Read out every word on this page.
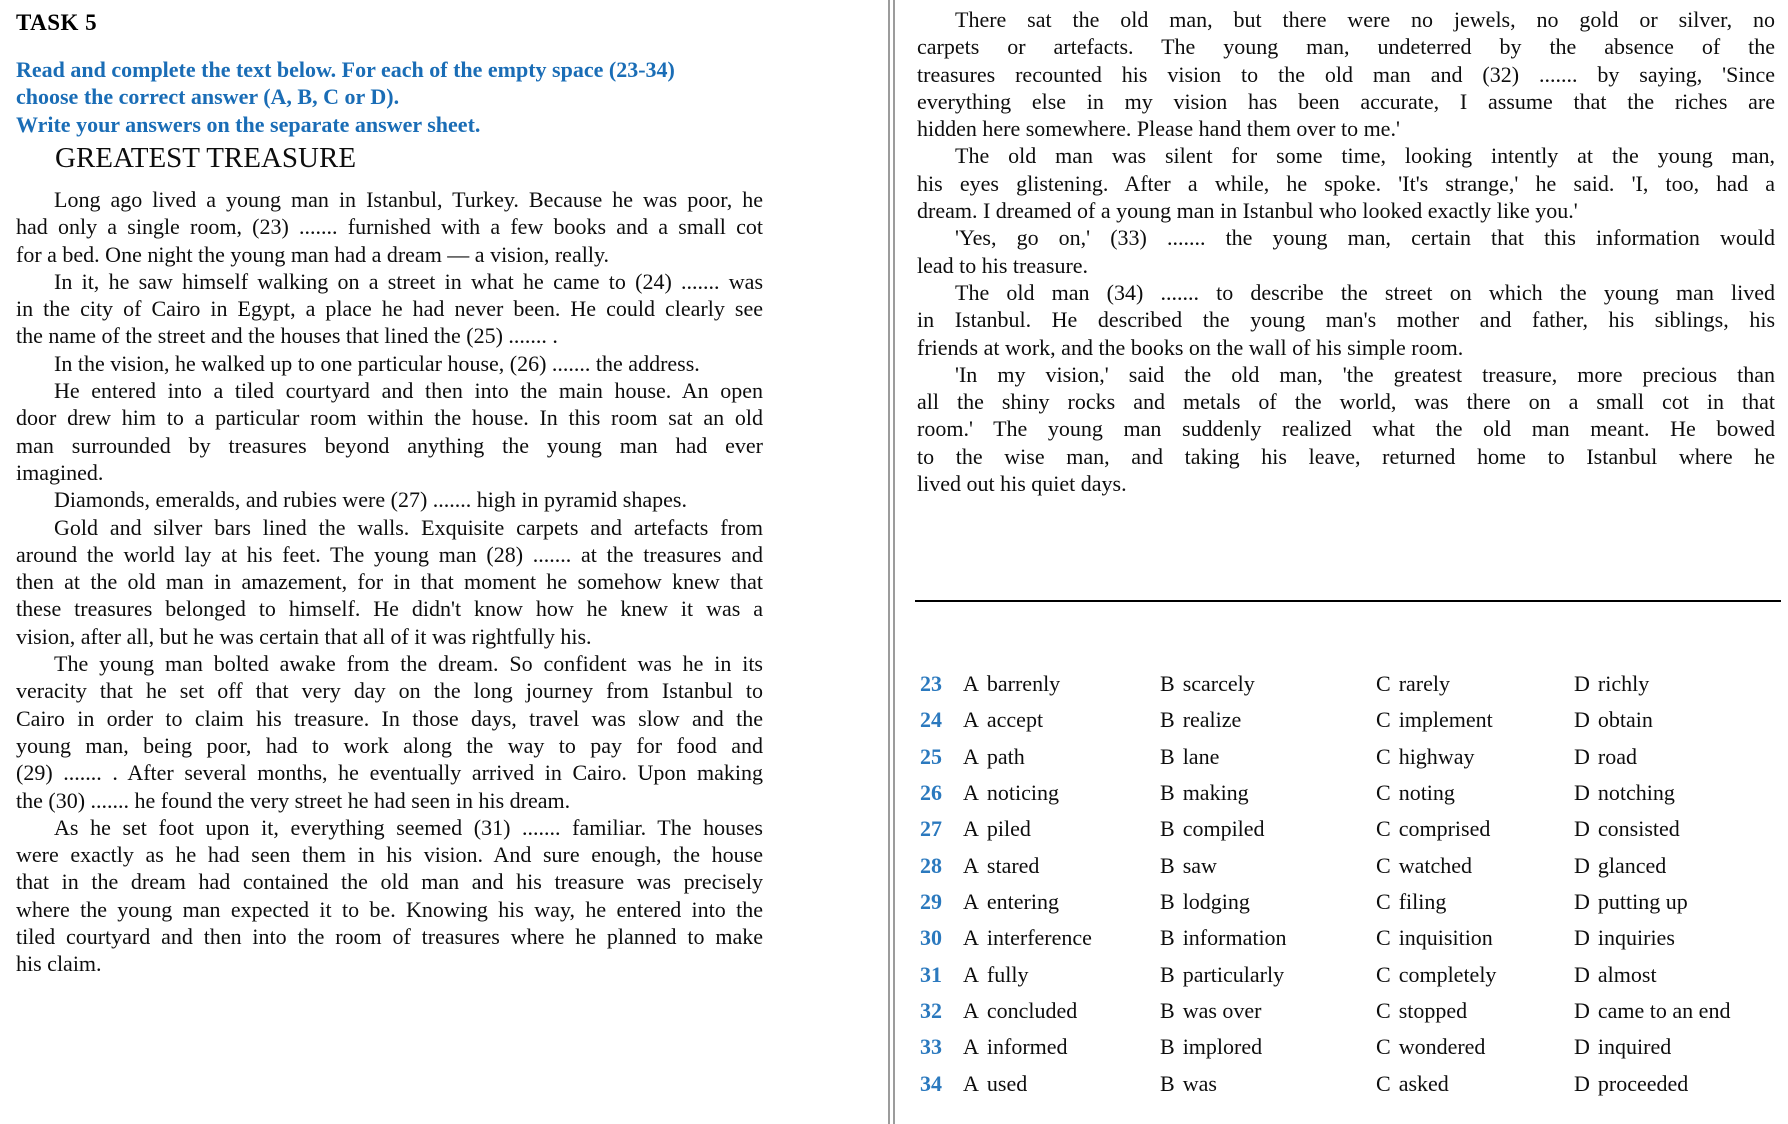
TASK 5
Read and complete the text below. For each of the empty space (23-34)
choose the correct answer (A, B, C or D).
Write your answers on the separate answer sheet.
GREATEST TREASURE
Long ago lived a young man in Istanbul, Turkey. Because he was poor, he
had only a single room, (23) ....... furnished with a few books and a small cot
for a bed. One night the young man had a dream — a vision, really.
In it, he saw himself walking on a street in what he came to (24) ....... was
in the city of Cairo in Egypt, a place he had never been. He could clearly see
the name of the street and the houses that lined the (25) ....... .
In the vision, he walked up to one particular house, (26) ....... the address.
He entered into a tiled courtyard and then into the main house. An open
door drew him to a particular room within the house. In this room sat an old
man surrounded by treasures beyond anything the young man had ever
imagined.
Diamonds, emeralds, and rubies were (27) ....... high in pyramid shapes.
Gold and silver bars lined the walls. Exquisite carpets and artefacts from
around the world lay at his feet. The young man (28) ....... at the treasures and
then at the old man in amazement, for in that moment he somehow knew that
these treasures belonged to himself. He didn't know how he knew it was a
vision, after all, but he was certain that all of it was rightfully his.
The young man bolted awake from the dream. So confident was he in its
veracity that he set off that very day on the long journey from Istanbul to
Cairo in order to claim his treasure. In those days, travel was slow and the
young man, being poor, had to work along the way to pay for food and
(29) ....... . After several months, he eventually arrived in Cairo. Upon making
the (30) ....... he found the very street he had seen in his dream.
As he set foot upon it, everything seemed (31) ....... familiar. The houses
were exactly as he had seen them in his vision. And sure enough, the house
that in the dream had contained the old man and his treasure was precisely
where the young man expected it to be. Knowing his way, he entered into the
tiled courtyard and then into the room of treasures where he planned to make
his claim.
There sat the old man, but there were no jewels, no gold or silver, no
carpets or artefacts. The young man, undeterred by the absence of the
treasures recounted his vision to the old man and (32) ....... by saying, 'Since
everything else in my vision has been accurate, I assume that the riches are
hidden here somewhere. Please hand them over to me.'
The old man was silent for some time, looking intently at the young man,
his eyes glistening. After a while, he spoke. 'It's strange,' he said. 'I, too, had a
dream. I dreamed of a young man in Istanbul who looked exactly like you.'
'Yes, go on,' (33) ....... the young man, certain that this information would
lead to his treasure.
The old man (34) ....... to describe the street on which the young man lived
in Istanbul. He described the young man's mother and father, his siblings, his
friends at work, and the books on the wall of his simple room.
'In my vision,' said the old man, 'the greatest treasure, more precious than
all the shiny rocks and metals of the world, was there on a small cot in that
room.' The young man suddenly realized what the old man meant. He bowed
to the wise man, and taking his leave, returned home to Istanbul where he
lived out his quiet days.
23 A barrenly	B scarcely	C rarely	D richly
24 A accept	B realize	C implement	D obtain
25 A path	B lane	C highway	D road
26 A noticing	B making	C noting	D notching
27 A piled	B compiled	C comprised	D consisted
28 A stared	B saw	C watched	D glanced
29 A entering	B lodging	C filing	D putting up
30 A interference	B information	C inquisition	D inquiries
31 A fully	B particularly	C completely	D almost
32 A concluded	B was over	C stopped	D came to an end
33 A informed	B implored	C wondered	D inquired
34 A used	B was	C asked	D proceeded
